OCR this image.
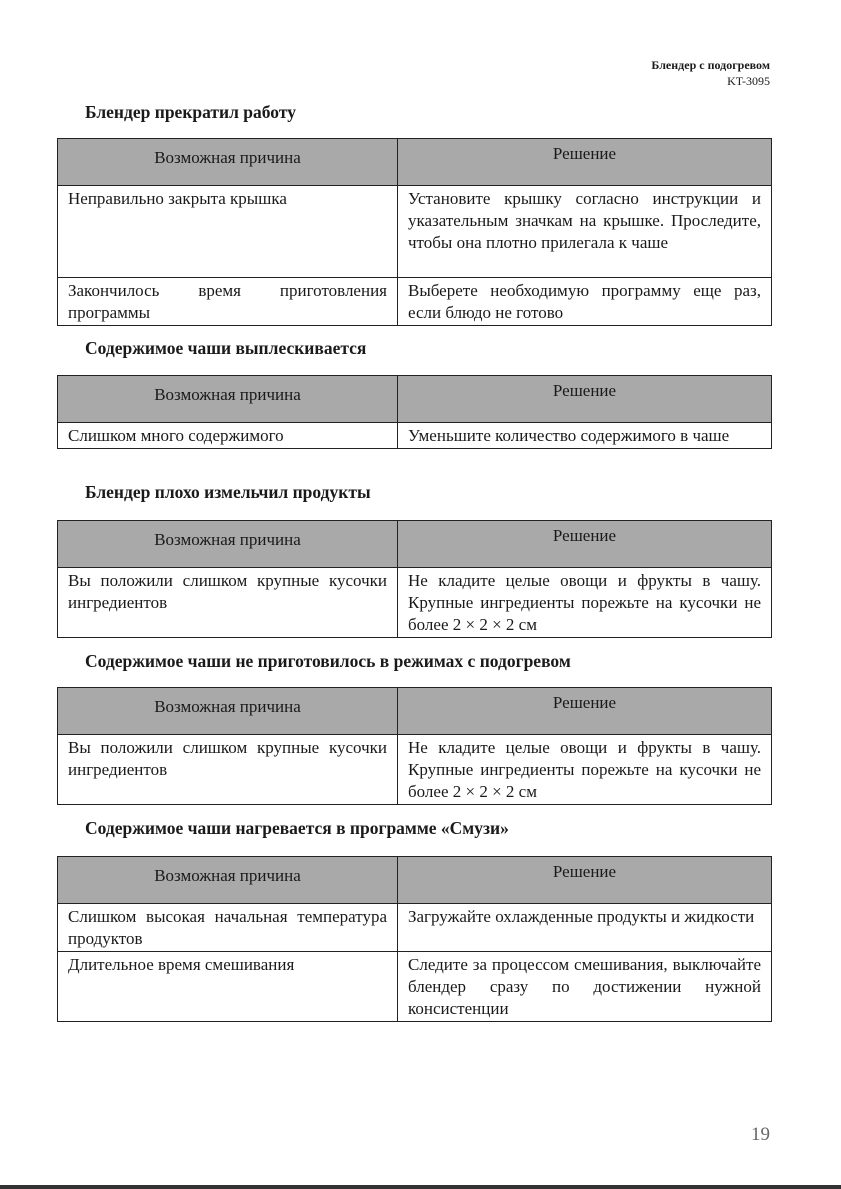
Блендер с подогревом
KT-3095
Блендер прекратил работу
Возможная причина	Решение
Неправильно закрыта крышка	Установите крышку согласно инструкции и указательным значкам на крышке. Проследите, чтобы она плотно прилегала к чаше
Закончилось время приготовления программы	Выберете необходимую программу еще раз, если блюдо не готово
Содержимое чаши выплескивается
Возможная причина	Решение
Слишком много содержимого	Уменьшите количество содержимого в чаше
Блендер плохо измельчил продукты
Возможная причина	Решение
Вы положили слишком крупные кусочки ингредиентов	Не кладите целые овощи и фрукты в чашу. Крупные ингредиенты порежьте на кусочки не более 2 × 2 × 2 см
Содержимое чаши не приготовилось в режимах с подогревом
Возможная причина	Решение
Вы положили слишком крупные кусочки ингредиентов	Не кладите целые овощи и фрукты в чашу. Крупные ингредиенты порежьте на кусочки не более 2 × 2 × 2 см
Содержимое чаши нагревается в программе «Смузи»
Возможная причина	Решение
Слишком высокая начальная температура продуктов	Загружайте охлажденные продукты и жидкости
Длительное время смешивания	Следите за процессом смешивания, выключайте блендер сразу по достижении нужной консистенции
19
